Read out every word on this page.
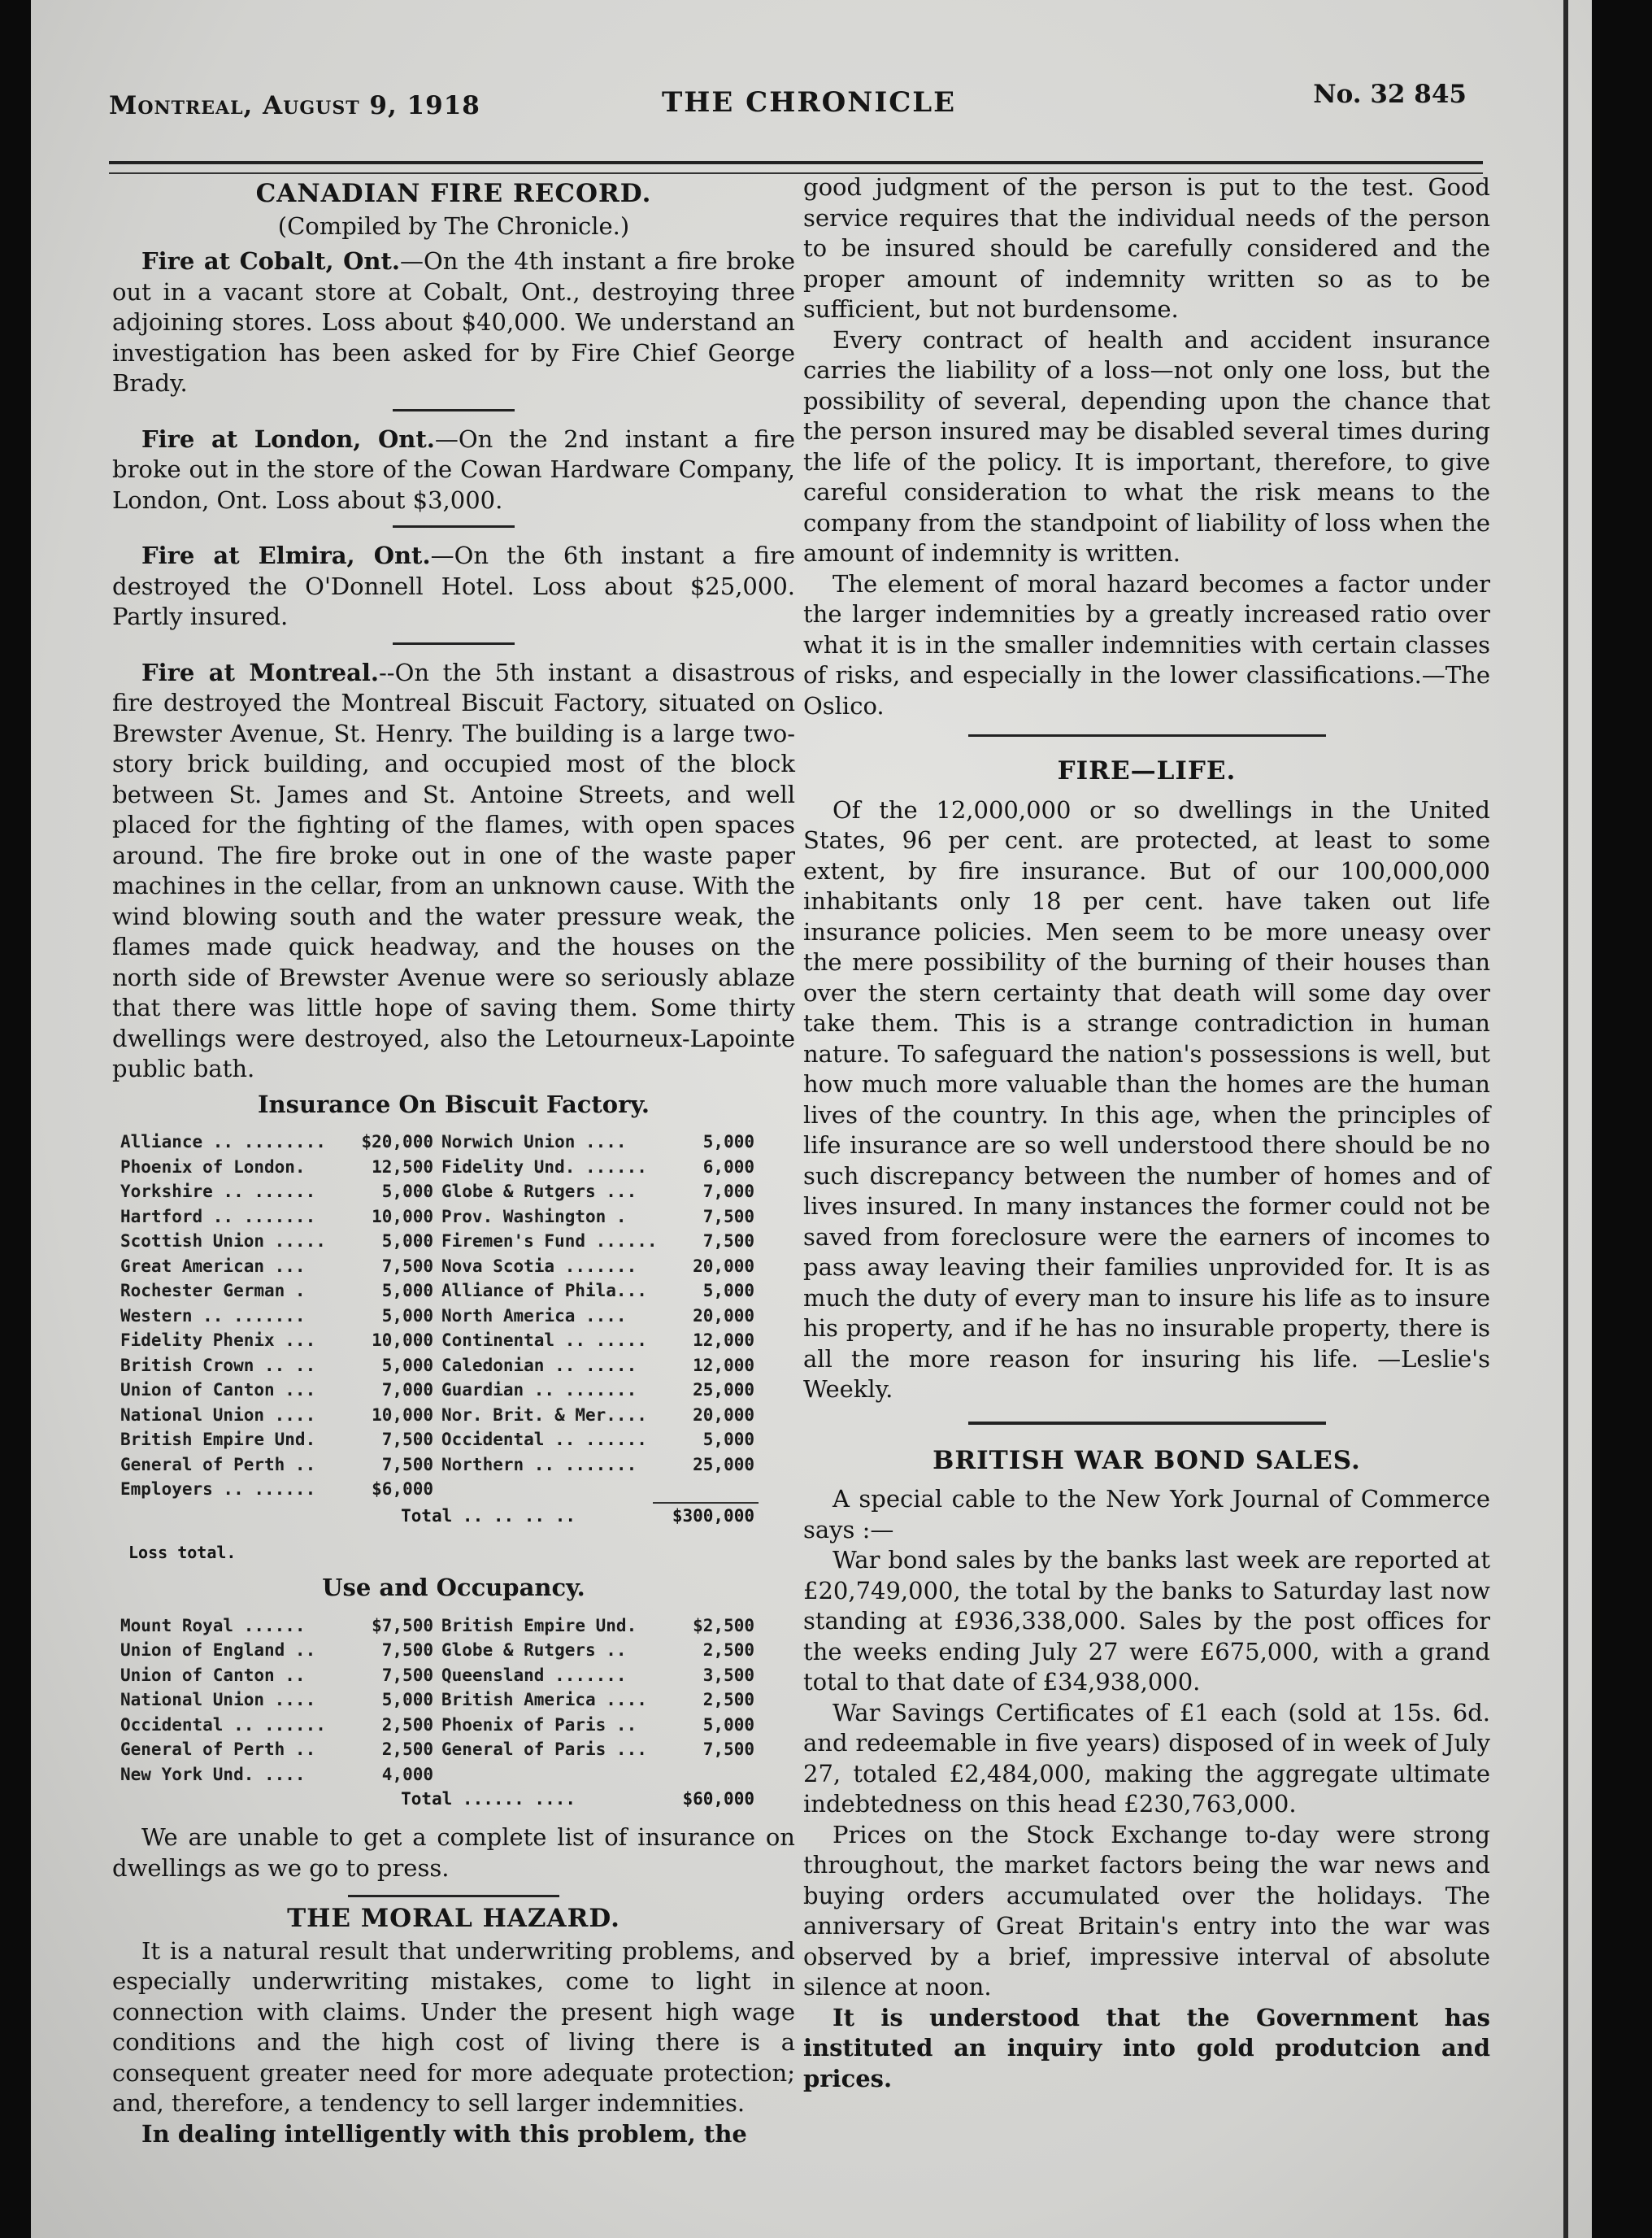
Montreal, August 9, 1918	THE CHRONICLE	No. 32 845
CANADIAN FIRE RECORD.
(Compiled by The Chronicle.)

Fire at Cobalt, Ont.—On the 4th instant a fire broke out in a vacant store at Cobalt, Ont., destroying three adjoining stores. Loss about $40,000. We understand an investigation has been asked for by Fire Chief George Brady.

Fire at London, Ont.—On the 2nd instant a fire broke out in the store of the Cowan Hardware Company, London, Ont. Loss about $3,000.

Fire at Elmira, Ont.—On the 6th instant a fire destroyed the O'Donnell Hotel. Loss about $25,000. Partly insured.

Fire at Montreal.--On the 5th instant a disastrous fire destroyed the Montreal Biscuit Factory, situated on Brewster Avenue, St. Henry. The building is a large two-story brick building, and occupied most of the block between St. James and St. Antoine Streets, and well placed for the fighting of the flames, with open spaces around. The fire broke out in one of the waste paper machines in the cellar, from an unknown cause. With the wind blowing south and the water pressure weak, the flames made quick headway, and the houses on the north side of Brewster Avenue were so seriously ablaze that there was little hope of saving them. Some thirty dwellings were destroyed, also the Letourneux-Lapointe public bath.

Insurance On Biscuit Factory.
Alliance .. ........	$20,000 Norwich Union ....	5,000
Phoenix of London.	12,500 Fidelity Und. ......	6,000
Yorkshire .. ......	5,000 Globe & Rutgers ...	7,000
Hartford .. .......	10,000 Prov. Washington .	7,500
Scottish Union .....	5,000 Firemen's Fund ......	7,500
Great American ...	7,500 Nova Scotia .......	20,000
Rochester German .	5,000 Alliance of Phila...	5,000
Western .. .......	5,000 North America ....	20,000
Fidelity Phenix ...	10,000 Continental .. .....	12,000
British Crown .. ..	5,000 Caledonian .. .....	12,000
Union of Canton ...	7,000 Guardian .. .......	25,000
National Union ....	10,000 Nor. Brit. & Mer....	20,000
British Empire Und.	7,500 Occidental .. ......	5,000
General of Perth ..	7,500 Northern .. .......	25,000
Employers .. ......	$6,000
Total .. .. .. ..	$300,000
Loss total.
Use and Occupancy.
Mount Royal ......	$7,500 British Empire Und.	$2,500
Union of England ..	7,500 Globe & Rutgers ..	2,500
Union of Canton ..	7,500 Queensland .......	3,500
National Union ....	5,000 British America ....	2,500
Occidental .. ......	2,500 Phoenix of Paris ..	5,000
General of Perth ..	2,500 General of Paris ...	7,500
New York Und. ....	4,000
Total ...... ....	$60,000

We are unable to get a complete list of insurance on dwellings as we go to press.

THE MORAL HAZARD.

It is a natural result that underwriting problems, and especially underwriting mistakes, come to light in connection with claims. Under the present high wage conditions and the high cost of living there is a consequent greater need for more adequate protection; and, therefore, a tendency to sell larger indemnities.

In dealing intelligently with this problem, the

good judgment of the person is put to the test. Good service requires that the individual needs of the person to be insured should be carefully considered and the proper amount of indemnity written so as to be sufficient, but not burdensome.

Every contract of health and accident insurance carries the liability of a loss—not only one loss, but the possibility of several, depending upon the chance that the person insured may be disabled several times during the life of the policy. It is important, therefore, to give careful consideration to what the risk means to the company from the standpoint of liability of loss when the amount of indemnity is written.

The element of moral hazard becomes a factor under the larger indemnities by a greatly increased ratio over what it is in the smaller indemnities with certain classes of risks, and especially in the lower classifications.—The Oslico.

FIRE—LIFE.

Of the 12,000,000 or so dwellings in the United States, 96 per cent. are protected, at least to some extent, by fire insurance. But of our 100,000,000 inhabitants only 18 per cent. have taken out life insurance policies. Men seem to be more uneasy over the mere possibility of the burning of their houses than over the stern certainty that death will some day over take them. This is a strange contradiction in human nature. To safeguard the nation's possessions is well, but how much more valuable than the homes are the human lives of the country. In this age, when the principles of life insurance are so well understood there should be no such discrepancy between the number of homes and of lives insured. In many instances the former could not be saved from foreclosure were the earners of incomes to pass away leaving their families unprovided for. It is as much the duty of every man to insure his life as to insure his property, and if he has no insurable property, there is all the more reason for insuring his life. —Leslie's Weekly.

BRITISH WAR BOND SALES.

A special cable to the New York Journal of Commerce says :—

War bond sales by the banks last week are reported at £20,749,000, the total by the banks to Saturday last now standing at £936,338,000. Sales by the post offices for the weeks ending July 27 were £675,000, with a grand total to that date of £34,938,000.

War Savings Certificates of £1 each (sold at 15s. 6d. and redeemable in five years) disposed of in week of July 27, totaled £2,484,000, making the aggregate ultimate indebtedness on this head £230,763,000.

Prices on the Stock Exchange to-day were strong throughout, the market factors being the war news and buying orders accumulated over the holidays. The anniversary of Great Britain's entry into the war was observed by a brief, impressive interval of absolute silence at noon.

It is understood that the Government has instituted an inquiry into gold produtcion and prices.
